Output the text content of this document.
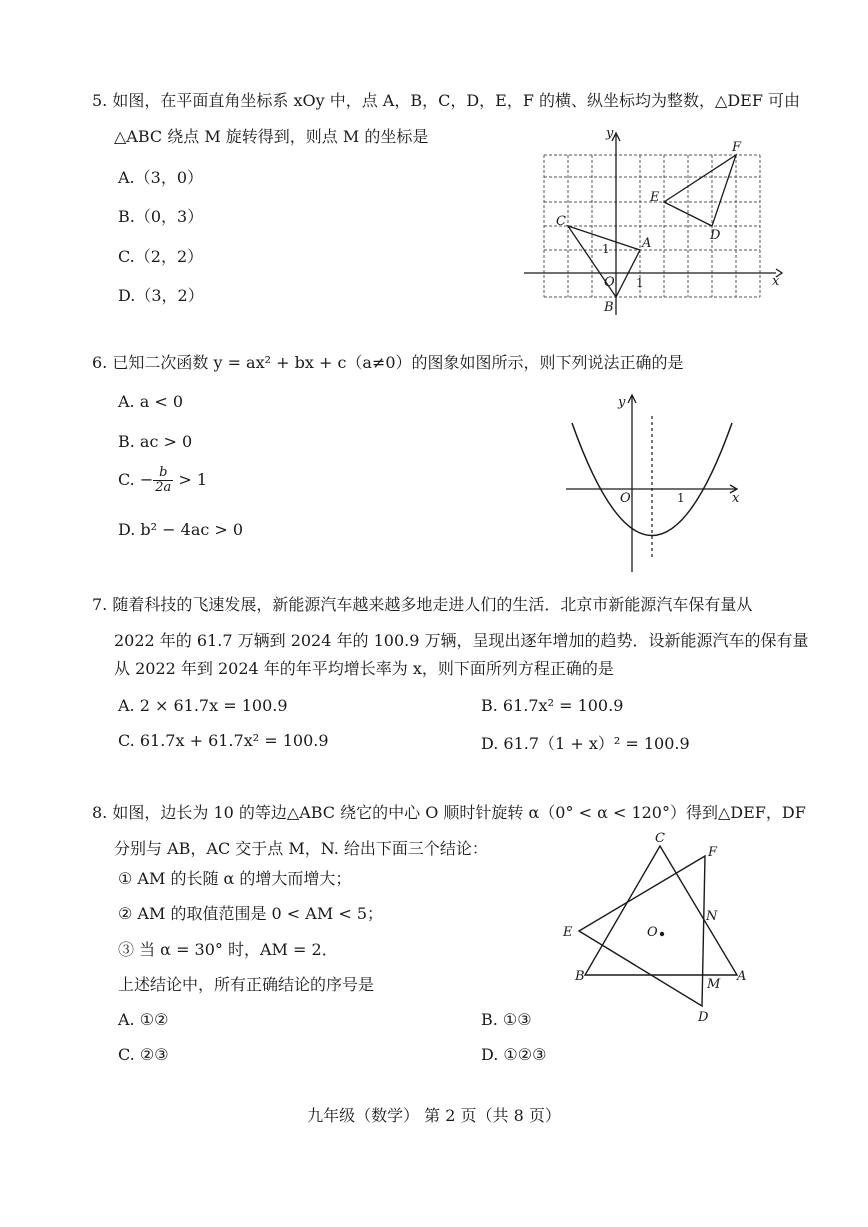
5. 如图，在平面直角坐标系 xOy 中，点 A，B，C，D，E，F 的横、纵坐标均为整数，△DEF 可由
△ABC 绕点 M 旋转得到，则点 M 的坐标是
A.（3，0）
B.（0，3）
C.（2，2）
D.（3，2）
y
x
O 1
1 A
B
C
D
E
F
6. 已知二次函数 y = ax² + bx + c（a≠0）的图象如图所示，则下列说法正确的是
A. a < 0
B. ac > 0
C. − $\frac{b}{2a} > 1$
D. b² − 4ac > 0
y
x
O	1
7. 随着科技的飞速发展，新能源汽车越来越多地走进人们的生活．北京市新能源汽车保有量从
2022 年的 61.7 万辆到 2024 年的 100.9 万辆，呈现出逐年增加的趋势．设新能源汽车的保有量
从 2022 年到 2024 年的年平均增长率为 x，则下面所列方程正确的是
A. 2 × 61.7x = 100.9	B. 61.7x² = 100.9
C. 61.7x + 61.7x² = 100.9	D. 61.7（1 + x）² = 100.9
8. 如图，边长为 10 的等边△ABC 绕它的中心 O 顺时针旋转 α（0° < α < 120°）得到△DEF，DF
分别与 AB，AC 交于点 M，N. 给出下面三个结论：
① AM 的长随 α 的增大而增大；
② AM 的取值范围是 0 < AM < 5；
③ 当 α = 30° 时，AM = 2．
上述结论中，所有正确结论的序号是
A. ①②	B. ①③
C. ②③	D. ①②③
C
F
N
O
E
B	A
M
D
九年级（数学） 第 2 页（共 8 页）
